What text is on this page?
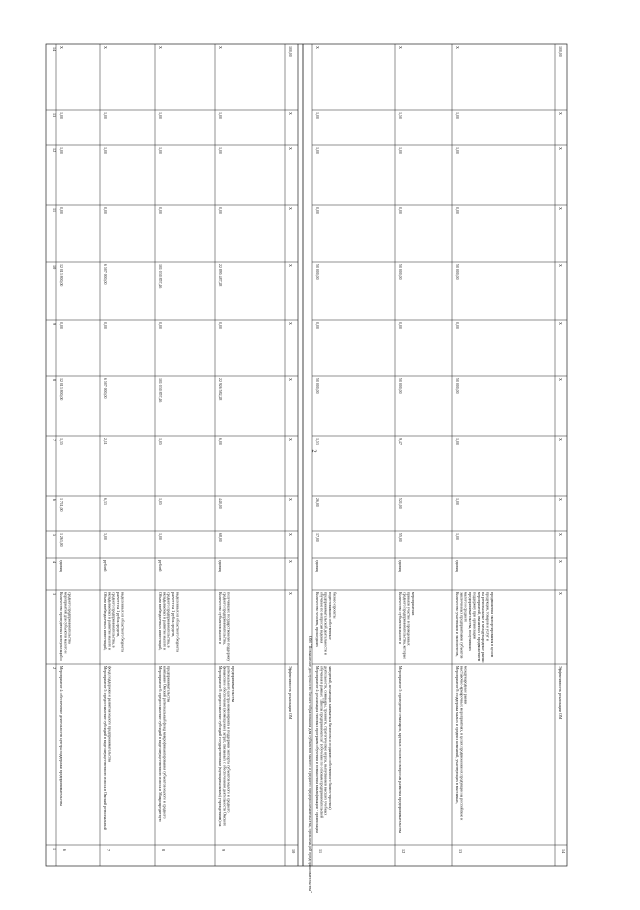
2
1
2
3
4
5
6
7
8
9
10
11
12
13
14
6
Мероприятие 4: обеспечение деятельности центра поддержки предпринимательства
Количество проведенных консультаций и мероприятий для субъектов малого и среднего предпринимательства
единиц
1 263,00
1 711,00
1,35
12 013 800,00
0,00
12 013 800,00
0,00
1,00
1,00
X
7
Мероприятие 5: предоставление субсидий в виде имущественного взноса в Омский региональный фонд поддержки и развития малого предпринимательства
Объем внебюджетных инвестиций, вкладываемых в развитие малого и среднего предпринимательства, в расчете на 1 рубль средств, выделенных из областного бюджета
рублей
3,00
6,33
2,11
6 507 000,00
0,00
6 507 000,00
0,00
1,00
1,00
X
8
Мероприятие 6: предоставление субсидий в виде имущественного взноса в Микрокредитную компанию Омский региональный фонд микрофинансирования субъектов малого и среднего предпринимательства
Объем внебюджетных инвестиций, вкладываемых в развитие малого и среднего предпринимательства, в расчете на 1 рубль средств, выделенных из областного бюджета
рублей
1,00
1,05
1,05
101 030 857,46
0,00
101 030 857,46
0,00
1,00
1,00
X
9
Мероприятие 8: предоставление субсидий государственным (муниципальным) учреждениям) на финансовое обеспечение (возмещение) затрат, связанных с обеспечением деятельности Омского регионального центра инжиниринга и поддержки экспорта субъектов малого и среднего предпринимательства
Количество субъектов малого и среднего предпринимательства, получивших государственную поддержку
единиц
68,00
440,00
6,00
22 926 582,28
0,00
22 895 487,28
0,00
1,00
1,00
X
10
Эффективность реализации ОМ
X
X
X
X
X
X
X
X
X
X
X
100,00
ОМ "Повышение доступности бизнес-образования для субъектов малого и среднего предпринимательства, организаций предпринимательства" 11
Мероприятие 4: реализация типовых программ обучения и повышения квалификации - организация обучения в рамках "Школы предпринимателя" (обучение по основам предпринимательской деятельности, семинары, тренинги, стратегические курсы, выпускников высших учебных заведений, желающих заниматься бизнесом и созданию собственного бизнес-проекта)
Количество человек, прошедших обучение по вопросам ведения предпринимательской деятельности и подготовивших собственные бизнес-проекты
единиц
17,00
26,00
1,53
50 000,00
0,00
50 000,00
0,00
1,00
1,00
X
12
Мероприятие 5: проведение семинаров, круглых столов по вопросам развития предпринимательства
Количество субъектов малого и среднего предпринимательства, которые приняли участие в проведенных мероприятиях
единиц
55,00
521,00
9,47
50 000,00
0,00
50 000,00
0,00
1,00
1,50
X
13
Мероприятие 8: поддержка малых и средних компаний, участвующих в выставках, выставочно-ярмарочных мероприятиях, в целях продвижения их продукции на российские и международные рынки
Количество участников и экспонентов, заключенных предприятиями субъектов малого и среднего предпринимательства, получивших поддержку при организации мероприятий, связанных с продвижением на региональные и международные рынки продукции, товаров и услуг и продвижения экспортирования в целом
единиц
1,00
1,00
1,00
50 000,00
0,00
50 000,00
0,00
1,00
1,00
X
14
Эффективность реализации ОМ
X
X
X
X
X
X
X
X
X
X
X
100,00
